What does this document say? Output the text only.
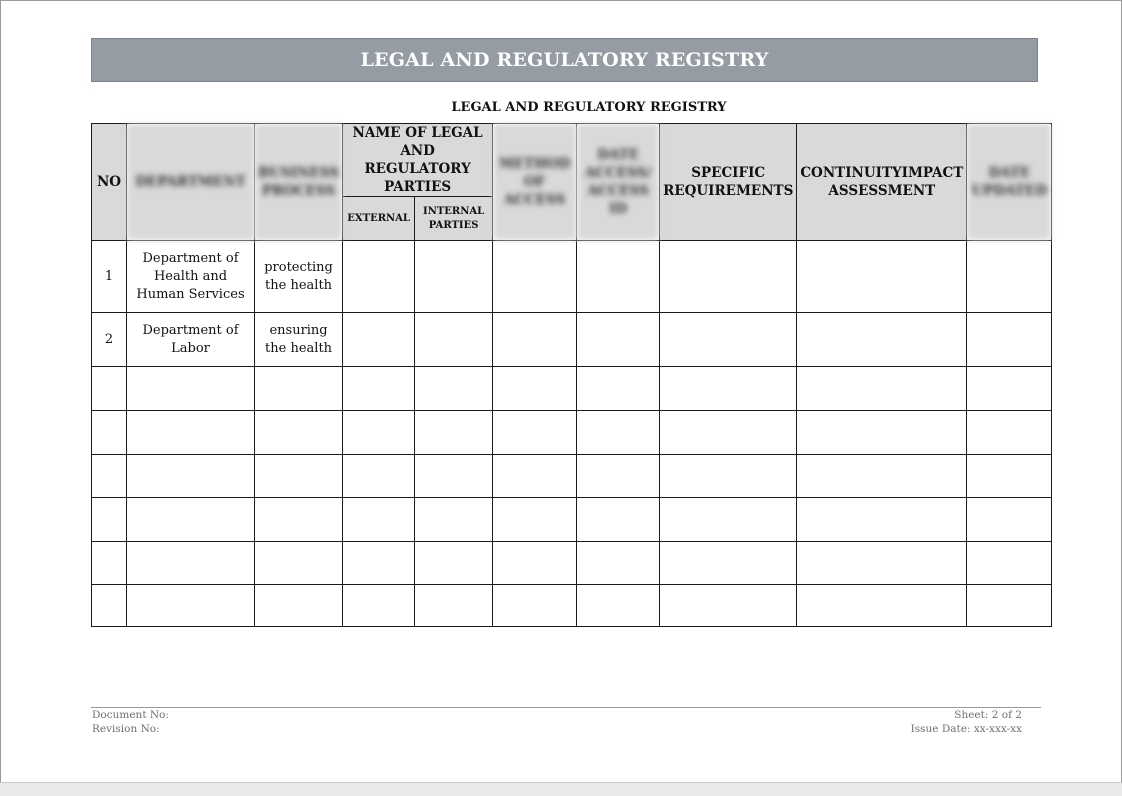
LEGAL AND REGULATORY REGISTRY
LEGAL AND REGULATORY REGISTRY
NO	DEPARTMENT	BUSINESS PROCESS	NAME OF LEGAL AND REGULATORY PARTIES		METHOD OF ACCESS	DATE ACCESS/ ACCESS ID	SPECIFIC REQUIREMENTS	CONTINUITYIMPACT ASSESSMENT	DATE UPDATED
			EXTERNAL	INTERNAL PARTIES					
1	Department of Health and Human Services	protecting the health							
2	Department of Labor	ensuring the health							

Document No:
Revision No:
Sheet: 2 of 2
Issue Date: xx-xxx-xx
